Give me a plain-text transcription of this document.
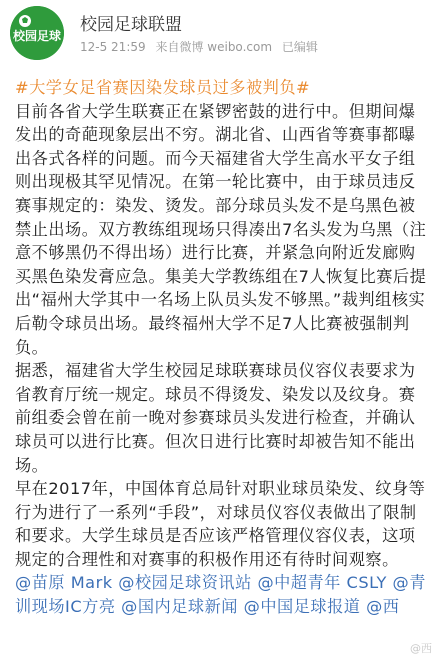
校园足球
校园足球联盟
12-5 21:59 来自微博 weibo.com 已编辑

#大学女足省赛因染发球员过多被判负#

目前各省大学生联赛正在紧锣密鼓的进行中。但期间爆发出的奇葩现象层出不穷。湖北省、山西省等赛事都曝出各式各样的问题。而今天福建省大学生高水平女子组则出现极其罕见情况。在第一轮比赛中，由于球员违反赛事规定的：染发、烫发。部分球员头发不是乌黑色被禁止出场。双方教练组现场只得凑出7名头发为乌黑（注意不够黑仍不得出场）进行比赛，并紧急向附近发廊购买黑色染发膏应急。集美大学教练组在7人恢复比赛后提出“福州大学其中一名场上队员头发不够黑。”裁判组核实后勒令球员出场。最终福州大学不足7人比赛被强制判负。

据悉，福建省大学生校园足球联赛球员仪容仪表要求为省教育厅统一规定。球员不得烫发、染发以及纹身。赛前组委会曾在前一晚对参赛球员头发进行检查，并确认球员可以进行比赛。但次日进行比赛时却被告知不能出场。

早在2017年，中国体育总局针对职业球员染发、纹身等行为进行了一系列“手段”，对球员仪容仪表做出了限制和要求。大学生球员是否应该严格管理仪容仪表，这项规定的合理性和对赛事的积极作用还有待时间观察。

@苗原 Mark @校园足球资讯站 @中超青年 CSLY @青训现场IC方亮 @国内足球新闻 @中国足球报道 @西

@西
